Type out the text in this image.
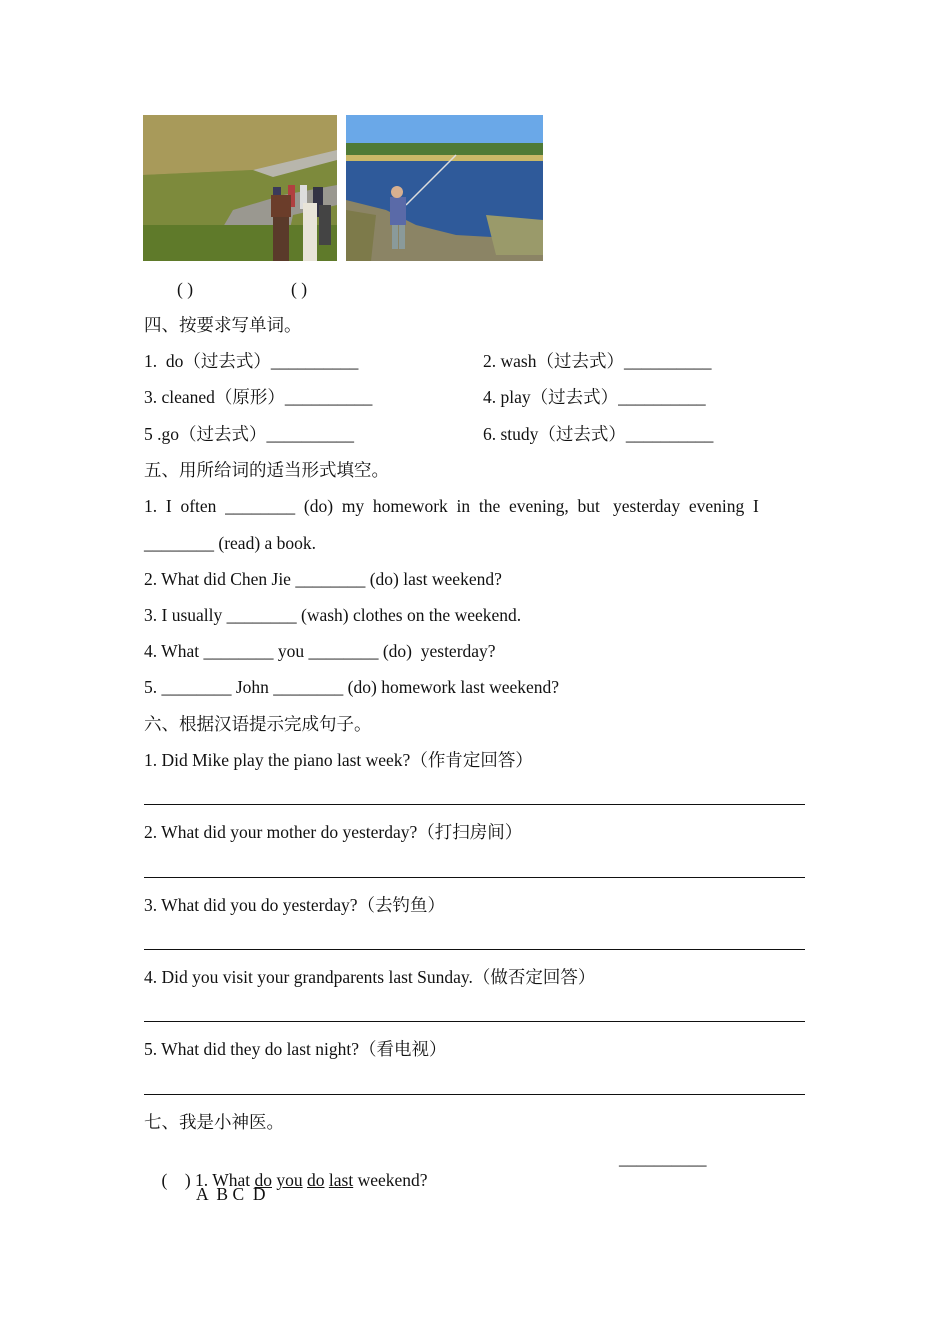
( )	( )
四、按要求写单词。
1.  do（过去式）__________	2. wash（过去式）__________
3. cleaned（原形）__________	4. play（过去式）__________
5 .go（过去式）__________	6. study（过去式）__________
五、用所给词的适当形式填空。
1.  I  often  ________  (do)  my  homework  in  the  evening,  but   yesterday  evening  I
________ (read) a book.
2. What did Chen Jie ________ (do) last weekend?
3. I usually ________ (wash) clothes on the weekend.
4. What ________ you ________ (do)  yesterday?
5. ________ John ________ (do) homework last weekend?
六、根据汉语提示完成句子。
1. Did Mike play the piano last week?（作肯定回答）
2. What did your mother do yesterday?（打扫房间）
3. What did you do yesterday?（去钓鱼）
4. Did you visit your grandparents last Sunday.（做否定回答）
5. What did they do last night?（看电视）
七、我是小神医。

(    ) 1. What do you do last weekend?

__________
A  B C  D
